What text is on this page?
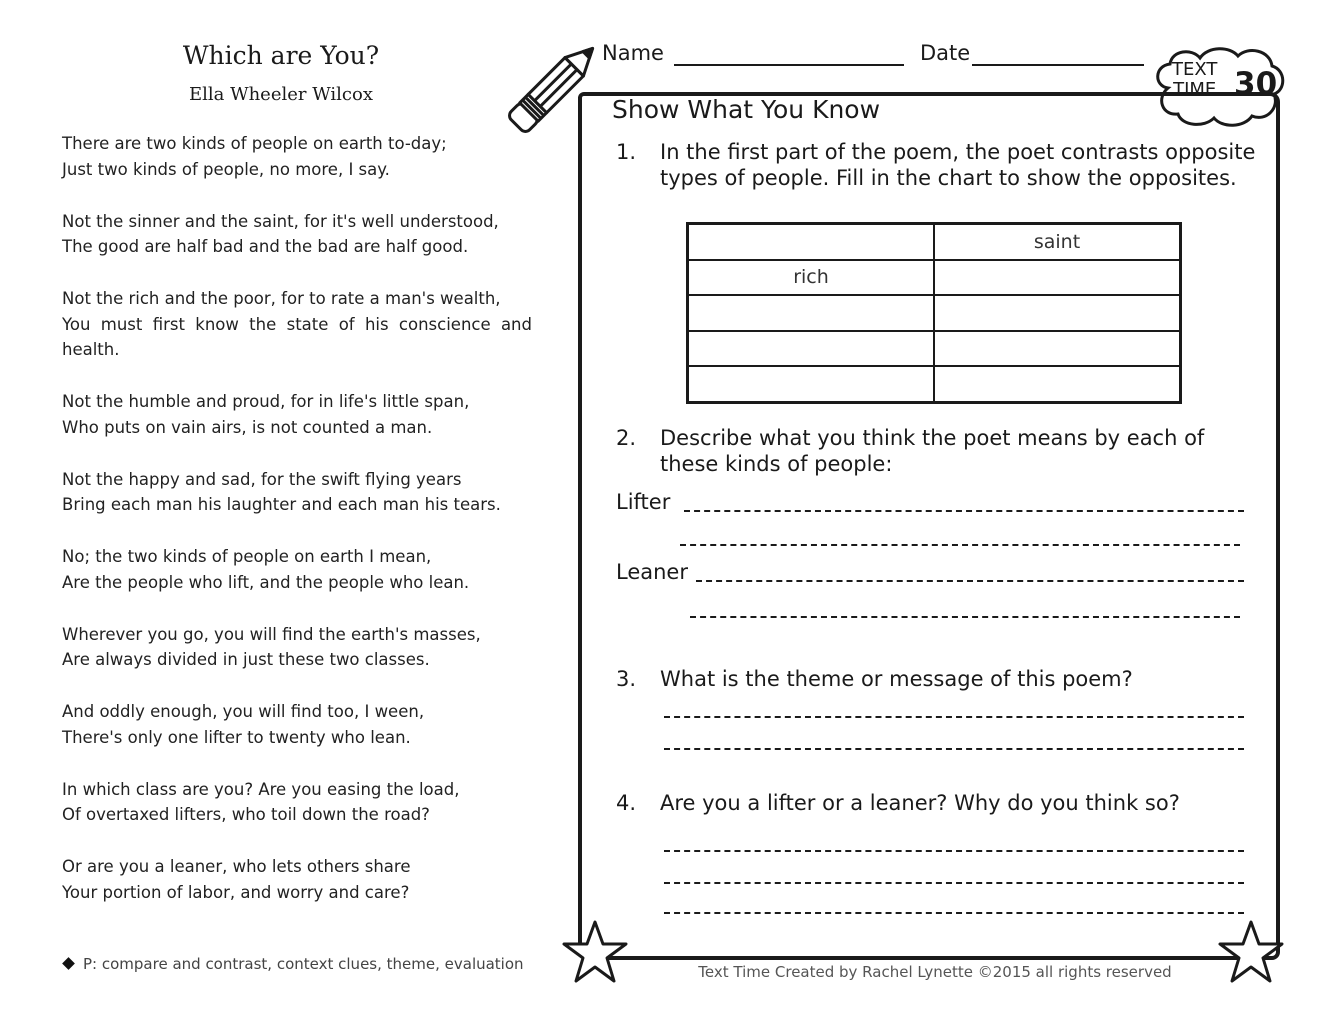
Which are You?
Ella Wheeler Wilcox
There are two kinds of people on earth to-day;
Just two kinds of people, no more, I say.
Not the sinner and the saint, for it's well understood,
The good are half bad and the bad are half good.
Not the rich and the poor, for to rate a man's wealth,
You must first know the state of his conscience and health.
Not the humble and proud, for in life's little span,
Who puts on vain airs, is not counted a man.
Not the happy and sad, for the swift flying years
Bring each man his laughter and each man his tears.
No; the two kinds of people on earth I mean,
Are the people who lift, and the people who lean.
Wherever you go, you will find the earth's masses,
Are always divided in just these two classes.
And oddly enough, you will find too, I ween,
There's only one lifter to twenty who lean.
In which class are you? Are you easing the load,
Of overtaxed lifters, who toil down the road?
Or are you a leaner, who lets others share
Your portion of labor, and worry and care?
P: compare and contrast, context clues, theme, evaluation
Name	Date
TEXT
TIME 30
Show What You Know
1. In the first part of the poem, the poet contrasts opposite types of people. Fill in the chart to show the opposites.
	saint
rich	

2. Describe what you think the poet means by each of these kinds of people:
Lifter
Leaner
3. What is the theme or message of this poem?
4. Are you a lifter or a leaner? Why do you think so?
Text Time Created by Rachel Lynette ©2015 all rights reserved
